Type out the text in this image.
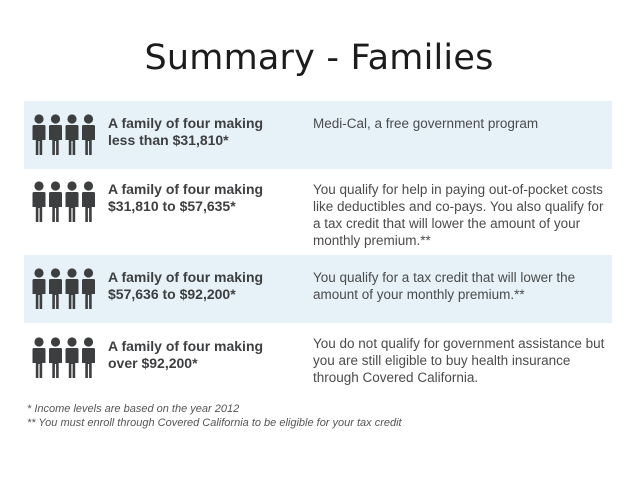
Summary - Families
A family of four making
less than $31,810*
Medi-Cal, a free government program
A family of four making
$31,810 to $57,635*
You qualify for help in paying out-of-pocket costs like deductibles and co-pays. You also qualify for a tax credit that will lower the amount of your monthly premium.**
A family of four making
$57,636 to $92,200*
You qualify for a tax credit that will lower the amount of your monthly premium.**
A family of four making
over $92,200*
You do not qualify for government assistance but you are still eligible to buy health insurance through Covered California.
* Income levels are based on the year 2012
** You must enroll through Covered California to be eligible for your tax credit
